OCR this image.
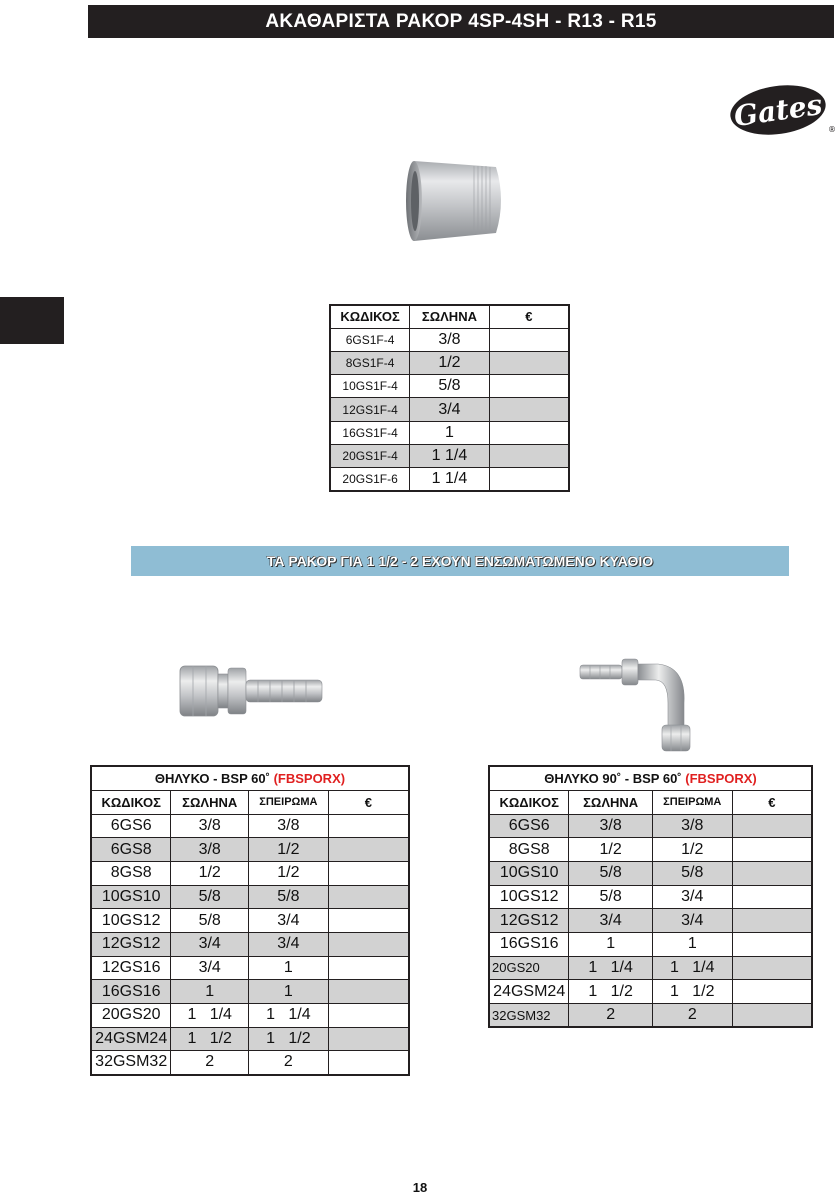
ΑΚΑΘΑΡΙΣΤΑ ΡΑΚΟΡ 4SP-4SH - R13 - R15
Gates ®
ΚΩΔΙΚΟΣ	ΣΩΛΗΝΑ	€
6GS1F-4	3/8	
8GS1F-4	1/2	
10GS1F-4	5/8	
12GS1F-4	3/4	
16GS1F-4	1	
20GS1F-4	1 1/4	
20GS1F-6	1 1/4	
ΤΑ ΡΑΚΟΡ ΓΙΑ 1 1/2 - 2 ΕΧΟΥΝ ΕΝΣΩΜΑΤΩΜΕΝΟ ΚΥΑΘΙΟ
ΘΗΛΥΚΟ - BSP 60˚ (FBSPORX)			
ΚΩΔΙΚΟΣ	ΣΩΛΗΝΑ	ΣΠΕΙΡΩΜΑ	€
6GS6	3/8	3/8	
6GS8	3/8	1/2	
8GS8	1/2	1/2	
10GS10	5/8	5/8	
10GS12	5/8	3/4	
12GS12	3/4	3/4	
12GS16	3/4	1	
16GS16	1	1	
20GS20	1   1/4	1   1/4	
24GSM24	1   1/2	1   1/2	
32GSM32	2	2	
ΘΗΛΥΚΟ 90˚ - BSP 60˚ (FBSPORX)			
ΚΩΔΙΚΟΣ	ΣΩΛΗΝΑ	ΣΠΕΙΡΩΜΑ	€
6GS6	3/8	3/8	
8GS8	1/2	1/2	
10GS10	5/8	5/8	
10GS12	5/8	3/4	
12GS12	3/4	3/4	
16GS16	1	1	
20GS20	1   1/4	1   1/4	
24GSM24	1   1/2	1   1/2	
32GSM32	2	2	
18
